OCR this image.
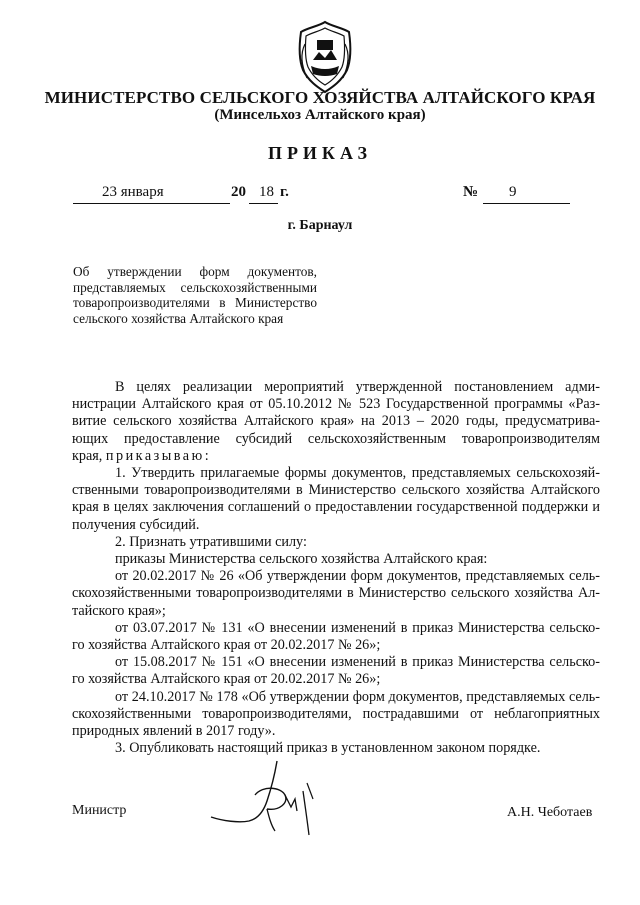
МИНИСТЕРСТВО СЕЛЬСКОГО ХОЗЯЙСТВА АЛТАЙСКОГО КРАЯ
(Минсельхоз Алтайского края)
ПРИКАЗ
23 января	20 18 г.	№ 9
г. Барнаул
Об утверждении форм документов, представляемых сельскохозяйственными товаропроизводителями в Министерство сельского хозяйства Алтайского края

В целях реализации мероприятий утвержденной постановлением адми-

нистрации Алтайского края от 05.10.2012 № 523 Государственной программы «Раз-

витие сельского хозяйства Алтайского края» на 2013 – 2020 годы, предусматрива-

ющих предоставление субсидий сельскохозяйственным товаропроизводителям

края, приказываю:

1. Утвердить прилагаемые формы документов, представляемых сельскохозяй-

ственными товаропроизводителями в Министерство сельского хозяйства Алтайского

края в целях заключения соглашений о предоставлении государственной поддержки и

получения субсидий.

2. Признать утратившими силу:

приказы Министерства сельского хозяйства Алтайского края:

от 20.02.2017 № 26 «Об утверждении форм документов, представляемых сель-

скохозяйственными товаропроизводителями в Министерство сельского хозяйства Ал-

тайского края»;

от 03.07.2017 № 131 «О внесении изменений в приказ Министерства сельско-

го хозяйства Алтайского края от 20.02.2017 № 26»;

от 15.08.2017 № 151 «О внесении изменений в приказ Министерства сельско-

го хозяйства Алтайского края от 20.02.2017 № 26»;

от 24.10.2017 № 178 «Об утверждении форм документов, представляемых сель-

скохозяйственными товаропроизводителями, пострадавшими от неблагоприятных

природных явлений в 2017 году».

3. Опубликовать настоящий приказ в установленном законом порядке.

Министр	А.Н. Чеботаев
